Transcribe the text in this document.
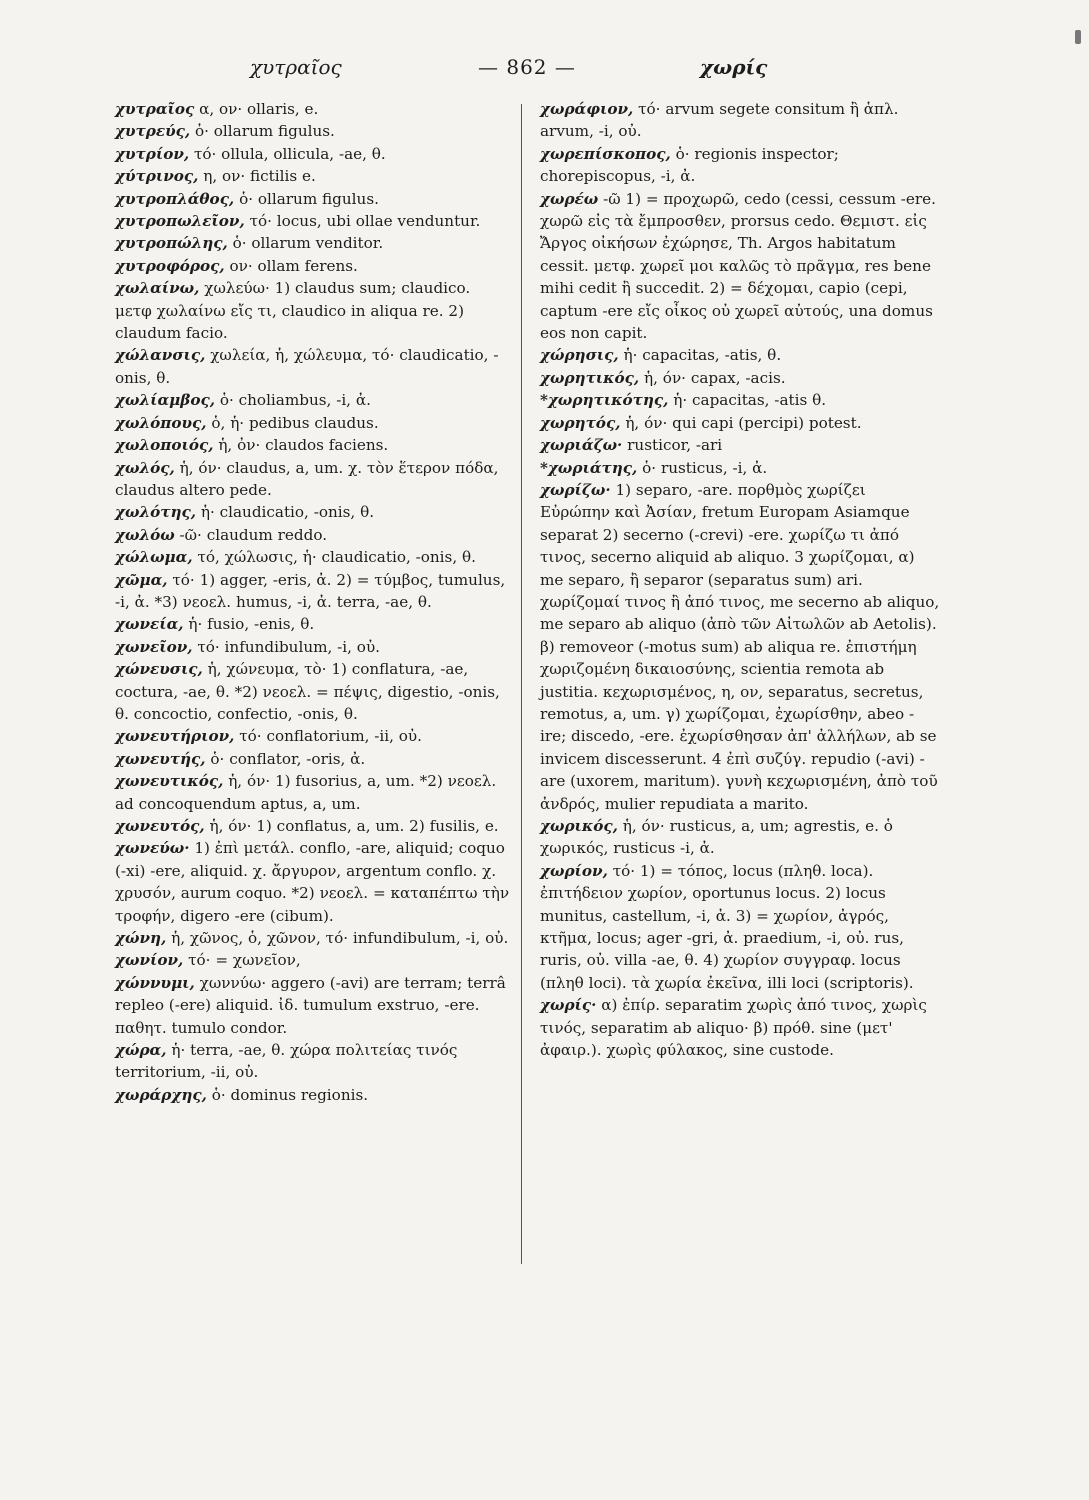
χυτραῖος	— 862 —	χωρίς
χυτραῖος α, ον· ollaris, e.
χυτρεύς, ὁ· ollarum figulus.
χυτρίον, τό· ollula, ollicula, -ae, θ.
χύτρινος, η, ον· fictilis e.
χυτροπλάθος, ὁ· ollarum figulus.
χυτροπωλεῖον, τό· locus, ubi ollae venduntur.
χυτροπώλης, ὁ· ollarum venditor.
χυτροφόρος, ον· ollam ferens.
χωλαίνω, χωλεύω· 1) claudus sum; claudico. μετφ χωλαίνω εἴς τι, claudico in aliqua re. 2) claudum facio.
χώλανσις, χωλεία, ἡ, χώλευμα, τό· claudicatio, -onis, θ.
χωλίαμβος, ὁ· choliambus, -i, ἀ.
χωλόπους, ὁ, ἡ· pedibus claudus.
χωλοποιός, ἡ, ὀν· claudos faciens.
χωλός, ἡ, όν· claudus, a, um. χ. τὸν ἕτερον πόδα, claudus altero pede.
χωλότης, ἡ· claudicatio, -onis, θ.
χωλόω -ῶ· claudum reddo.
χώλωμα, τό, χώλωσις, ἡ· claudicatio, -onis, θ.
χῶμα, τό· 1) agger, -eris, ἀ. 2) = τύμβος, tumulus, -i, ἀ. *3) νεοελ. humus, -i, ἀ. terra, -ae, θ.
χωνεία, ἡ· fusio, -enis, θ.
χωνεῖον, τό· infundibulum, -i, οὐ.
χώνευσις, ἡ, χώνευμα, τὸ· 1) conflatura, -ae, coctura, -ae, θ. *2) νεοελ. = πέψις, digestio, -onis, θ. concoctio, confectio, -onis, θ.
χωνευτήριον, τό· conflatorium, -ii, οὐ.
χωνευτής, ὁ· conflator, -oris, ἀ.
χωνευτικός, ἡ, όν· 1) fusorius, a, um. *2) νεοελ. ad concoquendum aptus, a, um.
χωνευτός, ἡ, όν· 1) conflatus, a, um. 2) fusilis, e.
χωνεύω· 1) ἐπὶ μετάλ. conflo, -are, aliquid; coquo (-xi) -ere, aliquid. χ. ἄργυρον, argentum conflo. χ. χρυσόν, aurum coquo. *2) νεοελ. = καταπέπτω τὴν τροφήν, digero -ere (cibum).
χώνη, ἡ, χῶνος, ὁ, χῶνον, τό· infundibulum, -i, οὐ.
χωνίον, τό· = χωνεῖον,
χώννυμι, χωννύω· aggero (-avi) are terram; terrâ repleo (-ere) aliquid. ἰδ. tumulum exstruo, -ere. παθητ. tumulo condor.
χώρα, ἡ· terra, -ae, θ. χώρα πολιτείας τινός territorium, -ii, οὐ.
χωράρχης, ὁ· dominus regionis.
χωράφιον, τό· arvum segete consitum ἢ ἁπλ. arvum, -i, οὐ.
χωρεπίσκοπος, ὁ· regionis inspector; chorepiscopus, -i, ἀ.
χωρέω -ῶ 1) = προχωρῶ, cedo (cessi, cessum -ere. χωρῶ εἰς τὰ ἔμπροσθεν, prorsus cedo. Θεμιστ. εἰς Ἄργος οἰκήσων ἐχώρησε, Th. Argos habitatum cessit. μετφ. χωρεῖ μοι καλῶς τὸ πρᾶγμα, res bene mihi cedit ἢ succedit. 2) = δέχομαι, capio (cepi, captum -ere εἴς οἶκος οὐ χωρεῖ αὐτούς, una domus eos non capit.
χώρησις, ἡ· capacitas, -atis, θ.
χωρητικός, ἡ, όν· capax, -acis.
*χωρητικότης, ἡ· capacitas, -atis θ.
χωρητός, ἡ, όν· qui capi (percipi) potest.
χωριάζω· rusticor, -ari
*χωριάτης, ὁ· rusticus, -i, ἀ.
χωρίζω· 1) separo, -are. πορθμὸς χωρίζει Εὐρώπην καὶ Ἀσίαν, fretum Europam Asiamque separat 2) secerno (-crevi) -ere. χωρίζω τι ἀπό τινος, secerno aliquid ab aliquo. 3 χωρίζομαι, α) me separo, ἢ separor (separatus sum) ari. χωρίζομαί τινος ἢ ἀπό τινος, me secerno ab aliquo, me separo ab aliquo (ἀπὸ τῶν Αἰτωλῶν ab Aetolis). β) removeor (-motus sum) ab aliqua re. ἐπιστήμη χωριζομένη δικαιοσύνης, scientia remota ab justitia. κεχωρισμένος, η, ον, separatus, secretus, remotus, a, um. γ) χωρίζομαι, ἐχωρίσθην, abeo -ire; discedo, -ere. ἐχωρίσθησαν ἀπ' ἀλλήλων, ab se invicem discesserunt. 4 ἐπὶ συζύγ. repudio (-avi) -are (uxorem, maritum). γυνὴ κεχωρισμένη, ἀπὸ τοῦ ἀνδρός, mulier repudiata a marito.
χωρικός, ἡ, όν· rusticus, a, um; agrestis, e. ὁ χωρικός, rusticus -i, ἀ.
χωρίον, τό· 1) = τόπος, locus (πληθ. loca). ἐπιτήδειον χωρίον, oportunus locus. 2) locus munitus, castellum, -i, ἀ. 3) = χωρίον, ἀγρός, κτῆμα, locus; ager -gri, ἀ. praedium, -i, οὐ. rus, ruris, οὐ. villa -ae, θ. 4) χωρίον συγγραφ. locus (πληθ loci). τὰ χωρία ἐκεῖνα, illi loci (scriptoris).
χωρίς· α) ἐπίρ. separatim χωρὶς ἀπό τινος, χωρὶς τινός, separatim ab aliquo· β) πρόθ. sine (μετ' ἀφαιρ.). χωρὶς φύλακος, sine custode.
